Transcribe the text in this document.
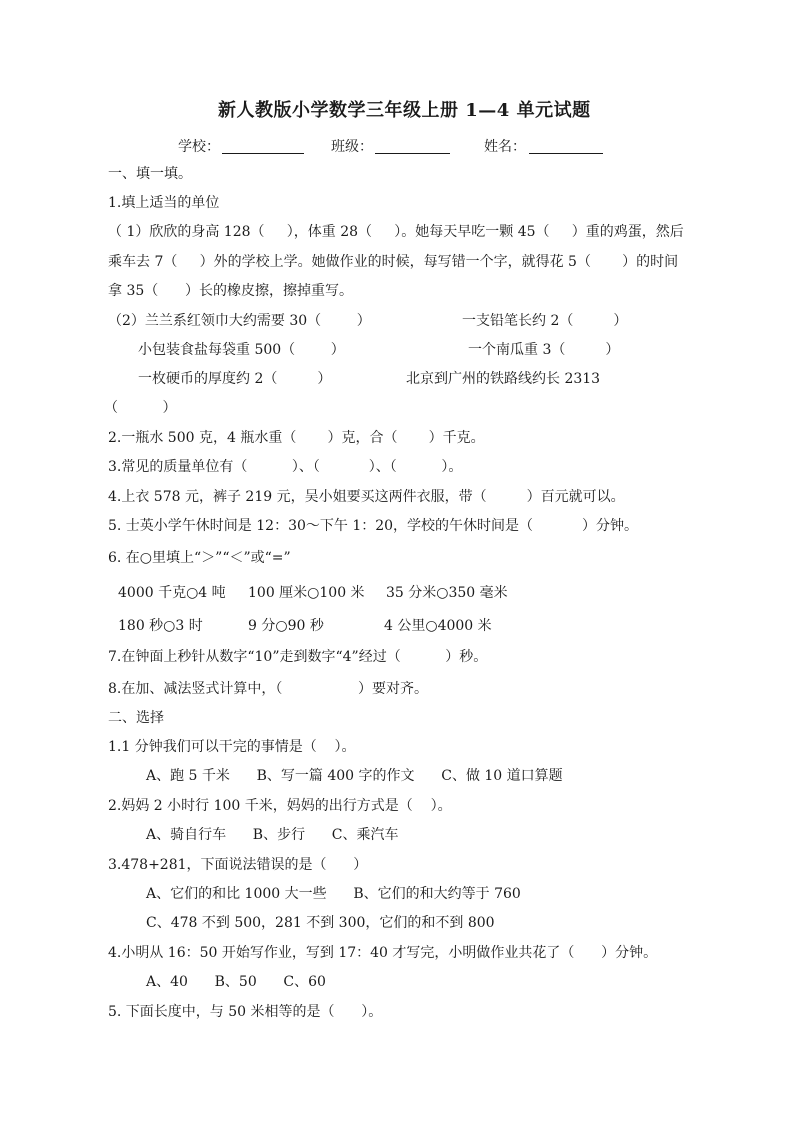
新人教版小学数学三年级上册 1—4 单元试题
学校：	班级：	姓名：
一、填一填。
1.填上适当的单位
（ 1）欣欣的身高 128（     ），体重 28（     ）。她每天早吃一颗 45（     ）重的鸡蛋，然后
乘车去 7（     ）外的学校上学。她做作业的时候，每写错一个字，就得花 5（       ）的时间
拿 35（      ）长的橡皮擦，擦掉重写。
（2）兰兰系红领巾大约需要 30（        ）	一支铅笔长约 2（         ）
小包装食盐每袋重 500（        ）	一个南瓜重 3（         ）
一枚硬币的厚度约 2（         ）	北京到广州的铁路线约长 2313
（          ）
2.一瓶水 500 克，4 瓶水重（       ）克，合（       ）千克。
3.常见的质量单位有（          ）、（           ）、（          ）。
4.上衣 578 元，裤子 219 元，吴小姐要买这两件衣服，带（         ）百元就可以。
5. 士英小学午休时间是 12：30～下午 1：20，学校的午休时间是（           ）分钟。
6. 在○里填上“＞”“＜”或“=”
4000 千克○4 吨 100 厘米○100 米 35 分米○350 毫米
180 秒○3 时	9 分○90 秒	4 公里○4000 米
7.在钟面上秒针从数字“10”走到数字“4”经过（          ）秒。
8.在加、减法竖式计算中，（                 ）要对齐。
二、选择
1.1 分钟我们可以干完的事情是（    ）。
A、跑 5 千米      B、写一篇 400 字的作文      C、做 10 道口算题
2.妈妈 2 小时行 100 千米，妈妈的出行方式是（    ）。
A、骑自行车      B、步行      C、乘汽车
3.478+281，下面说法错误的是（      ）
A、它们的和比 1000 大一些      B、它们的和大约等于 760
C、478 不到 500，281 不到 300，它们的和不到 800
4.小明从 16：50 开始写作业，写到 17：40 才写完，小明做作业共花了（      ）分钟。
A、40      B、50      C、60
5. 下面长度中，与 50 米相等的是（      ）。
